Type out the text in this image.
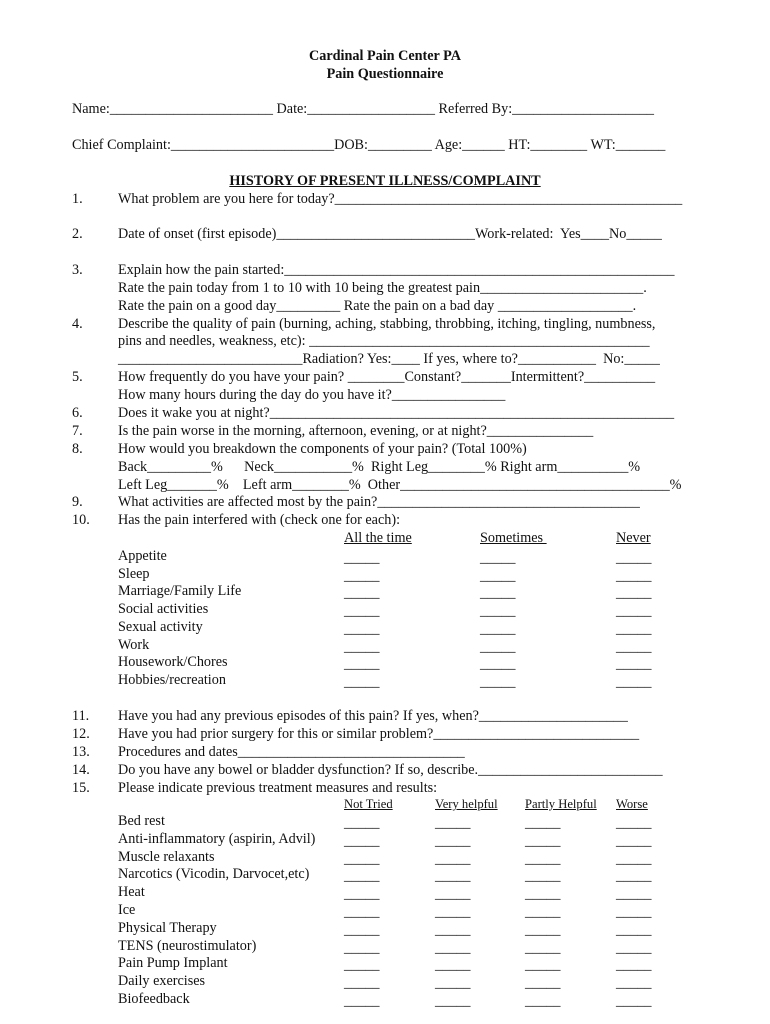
Cardinal Pain Center PA
Pain Questionnaire
Name:_______________________ Date:__________________ Referred By:____________________
Chief Complaint:_______________________DOB:_________ Age:______ HT:________ WT:_______
HISTORY OF PRESENT ILLNESS/COMPLAINT
1. What problem are you here for today?_________________________________________________
2. Date of onset (first episode)____________________________Work-related:  Yes____No_____
3. Explain how the pain started:_______________________________________________________
Rate the pain today from 1 to 10 with 10 being the greatest pain_______________________.
Rate the pain on a good day_________ Rate the pain on a bad day ___________________.
4. Describe the quality of pain (burning, aching, stabbing, throbbing, itching, tingling, numbness,
pins and needles, weakness, etc): ________________________________________________
__________________________Radiation? Yes:____ If yes, where to?___________  No:_____
5. How frequently do you have your pain? ________Constant?_______Intermittent?__________
How many hours during the day do you have it?________________
6. Does it wake you at night?_________________________________________________________
7. Is the pain worse in the morning, afternoon, evening, or at night?_______________
8. How would you breakdown the components of your pain? (Total 100%)
Back_________%      Neck___________%  Right Leg________% Right arm__________%
Left Leg_______%    Left arm________%  Other______________________________________%
9. What activities are affected most by the pain?_____________________________________
10. Has the pain interfered with (check one for each):
All the time	Sometimes	Never
Appetite	_____	_____	_____
Sleep	_____	_____	_____
Marriage/Family Life	_____	_____	_____
Social activities	_____	_____	_____
Sexual activity	_____	_____	_____
Work	_____	_____	_____
Housework/Chores	_____	_____	_____
Hobbies/recreation	_____	_____	_____
11. Have you had any previous episodes of this pain? If yes, when?_____________________
12. Have you had prior surgery for this or similar problem?_____________________________
13. Procedures and dates________________________________
14. Do you have any bowel or bladder dysfunction? If so, describe.__________________________
15. Please indicate previous treatment measures and results:
Not Tried	Very helpful Partly Helpful Worse
Bed rest	_____	_____	_____	_____
Anti-inflammatory (aspirin, Advil) _____	_____	_____	_____
Muscle relaxants	_____	_____	_____	_____
Narcotics (Vicodin, Darvocet,etc) _____	_____	_____	_____
Heat	_____	_____	_____	_____
Ice	_____	_____	_____	_____
Physical Therapy	_____	_____	_____	_____
TENS (neurostimulator)	_____	_____	_____	_____
Pain Pump Implant	_____	_____	_____	_____
Daily exercises	_____	_____	_____	_____
Biofeedback	_____	_____	_____	_____
